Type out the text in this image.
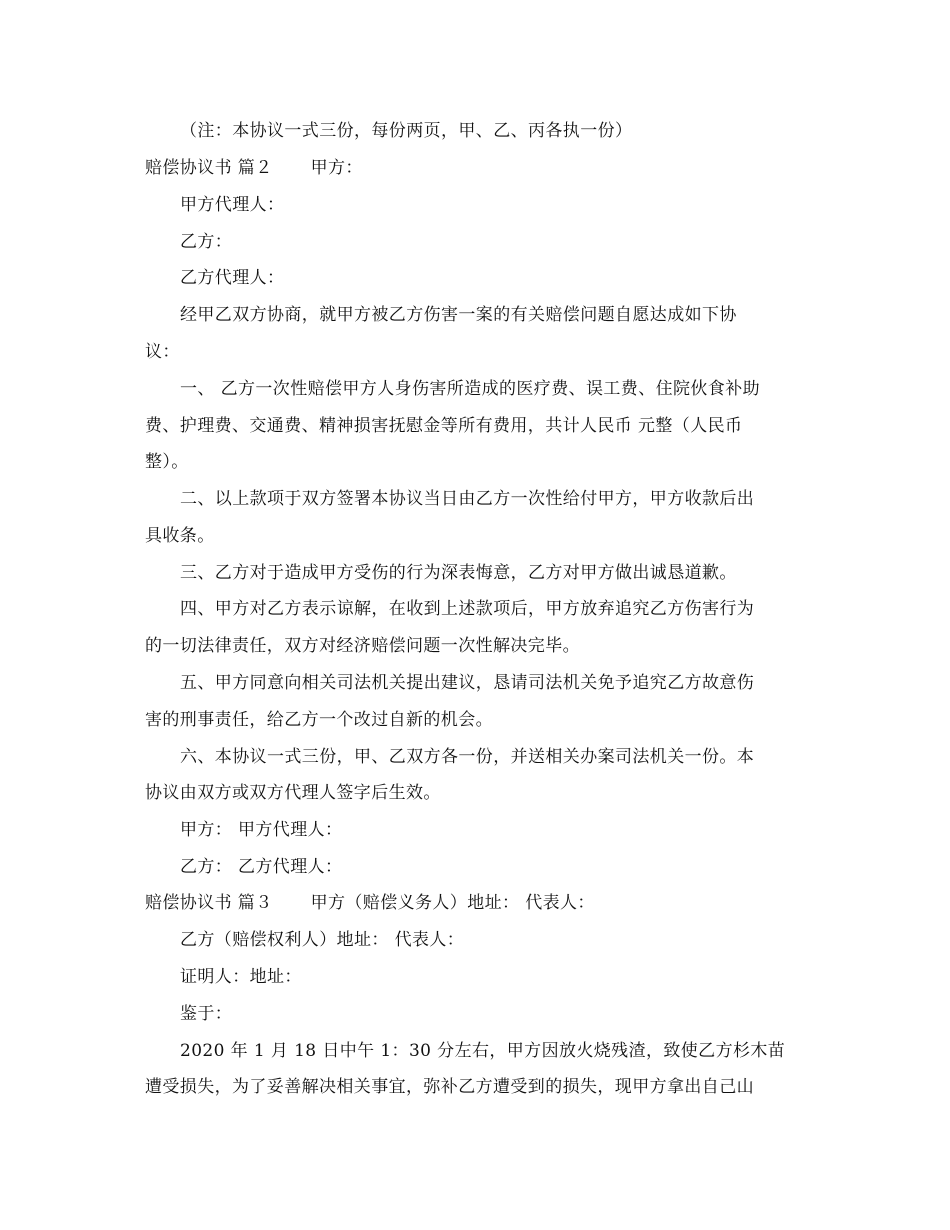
（注：本协议一式三份，每份两页，甲、乙、丙各执一份）
赔偿协议书 篇２ 甲方：
甲方代理人：
乙方：
乙方代理人：
经甲乙双方协商，就甲方被乙方伤害一案的有关赔偿问题自愿达成如下协
议：
一、 乙方一次性赔偿甲方人身伤害所造成的医疗费、误工费、住院伙食补助
费、护理费、交通费、精神损害抚慰金等所有费用，共计人民币 元整（人民币
整）。
二、以上款项于双方签署本协议当日由乙方一次性给付甲方，甲方收款后出
具收条。
三、乙方对于造成甲方受伤的行为深表悔意，乙方对甲方做出诚恳道歉。
四、甲方对乙方表示谅解，在收到上述款项后，甲方放弃追究乙方伤害行为
的一切法律责任，双方对经济赔偿问题一次性解决完毕。
五、甲方同意向相关司法机关提出建议，恳请司法机关免予追究乙方故意伤
害的刑事责任，给乙方一个改过自新的机会。
六、本协议一式三份，甲、乙双方各一份，并送相关办案司法机关一份。本
协议由双方或双方代理人签字后生效。
甲方： 甲方代理人：
乙方： 乙方代理人：
赔偿协议书 篇３ 甲方（赔偿义务人）地址： 代表人：
乙方（赔偿权利人）地址： 代表人：
证明人：地址：
鉴于：
2020 年 1 月 18 日中午 1：30 分左右，甲方因放火烧残渣，致使乙方杉木苗
遭受损失，为了妥善解决相关事宜，弥补乙方遭受到的损失，现甲方拿出自己山
